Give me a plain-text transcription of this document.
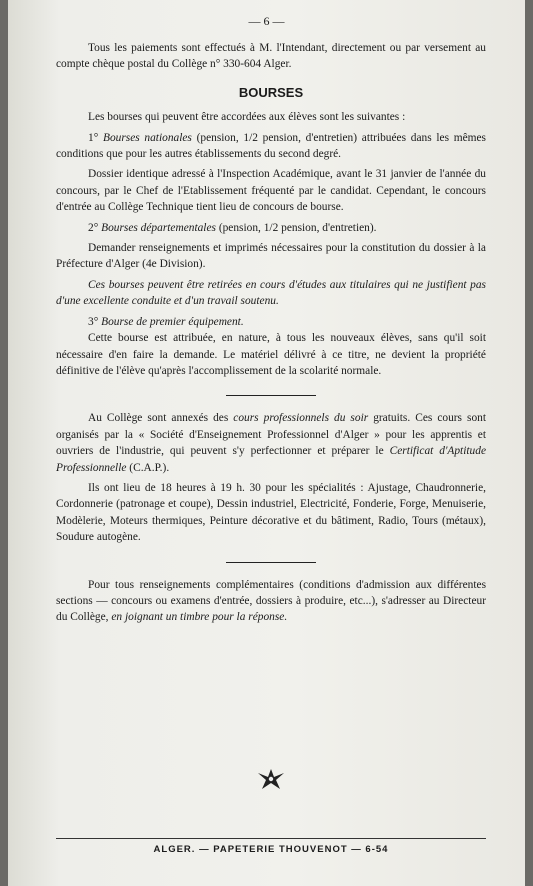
— 6 —

Tous les paiements sont effectués à M. l'Intendant, directement ou par versement au compte chèque postal du Collège n° 330-604 Alger.

BOURSES

Les bourses qui peuvent être accordées aux élèves sont les suivantes :

1° Bourses nationales (pension, 1/2 pension, d'entretien) attribuées dans les mêmes conditions que pour les autres établissements du second degré.

Dossier identique adressé à l'Inspection Académique, avant le 31 janvier de l'année du concours, par le Chef de l'Etablissement fréquenté par le candidat. Cependant, le concours d'entrée au Collège Technique tient lieu de concours de bourse.

2° Bourses départementales (pension, 1/2 pension, d'entretien).

Demander renseignements et imprimés nécessaires pour la constitution du dossier à la Préfecture d'Alger (4e Division).

Ces bourses peuvent être retirées en cours d'études aux titulaires qui ne justifient pas d'une excellente conduite et d'un travail soutenu.

3° Bourse de premier équipement.

Cette bourse est attribuée, en nature, à tous les nouveaux élèves, sans qu'il soit nécessaire d'en faire la demande. Le matériel délivré à ce titre, ne devient la propriété définitive de l'élève qu'après l'accomplissement de la scolarité normale.

Au Collège sont annexés des cours professionnels du soir gratuits. Ces cours sont organisés par la « Société d'Enseignement Professionnel d'Alger » pour les apprentis et ouvriers de l'industrie, qui peuvent s'y perfectionner et préparer le Certificat d'Aptitude Professionnelle (C.A.P.).

Ils ont lieu de 18 heures à 19 h. 30 pour les spécialités : Ajustage, Chaudronnerie, Cordonnerie (patronage et coupe), Dessin industriel, Electricité, Fonderie, Forge, Menuiserie, Modèlerie, Moteurs thermiques, Peinture décorative et du bâtiment, Radio, Tours (métaux), Soudure autogène.

Pour tous renseignements complémentaires (conditions d'admission aux différentes sections — concours ou examens d'entrée, dossiers à produire, etc...), s'adresser au Directeur du Collège, en joignant un timbre pour la réponse.

ALGER. — PAPETERIE THOUVENOT — 6-54
